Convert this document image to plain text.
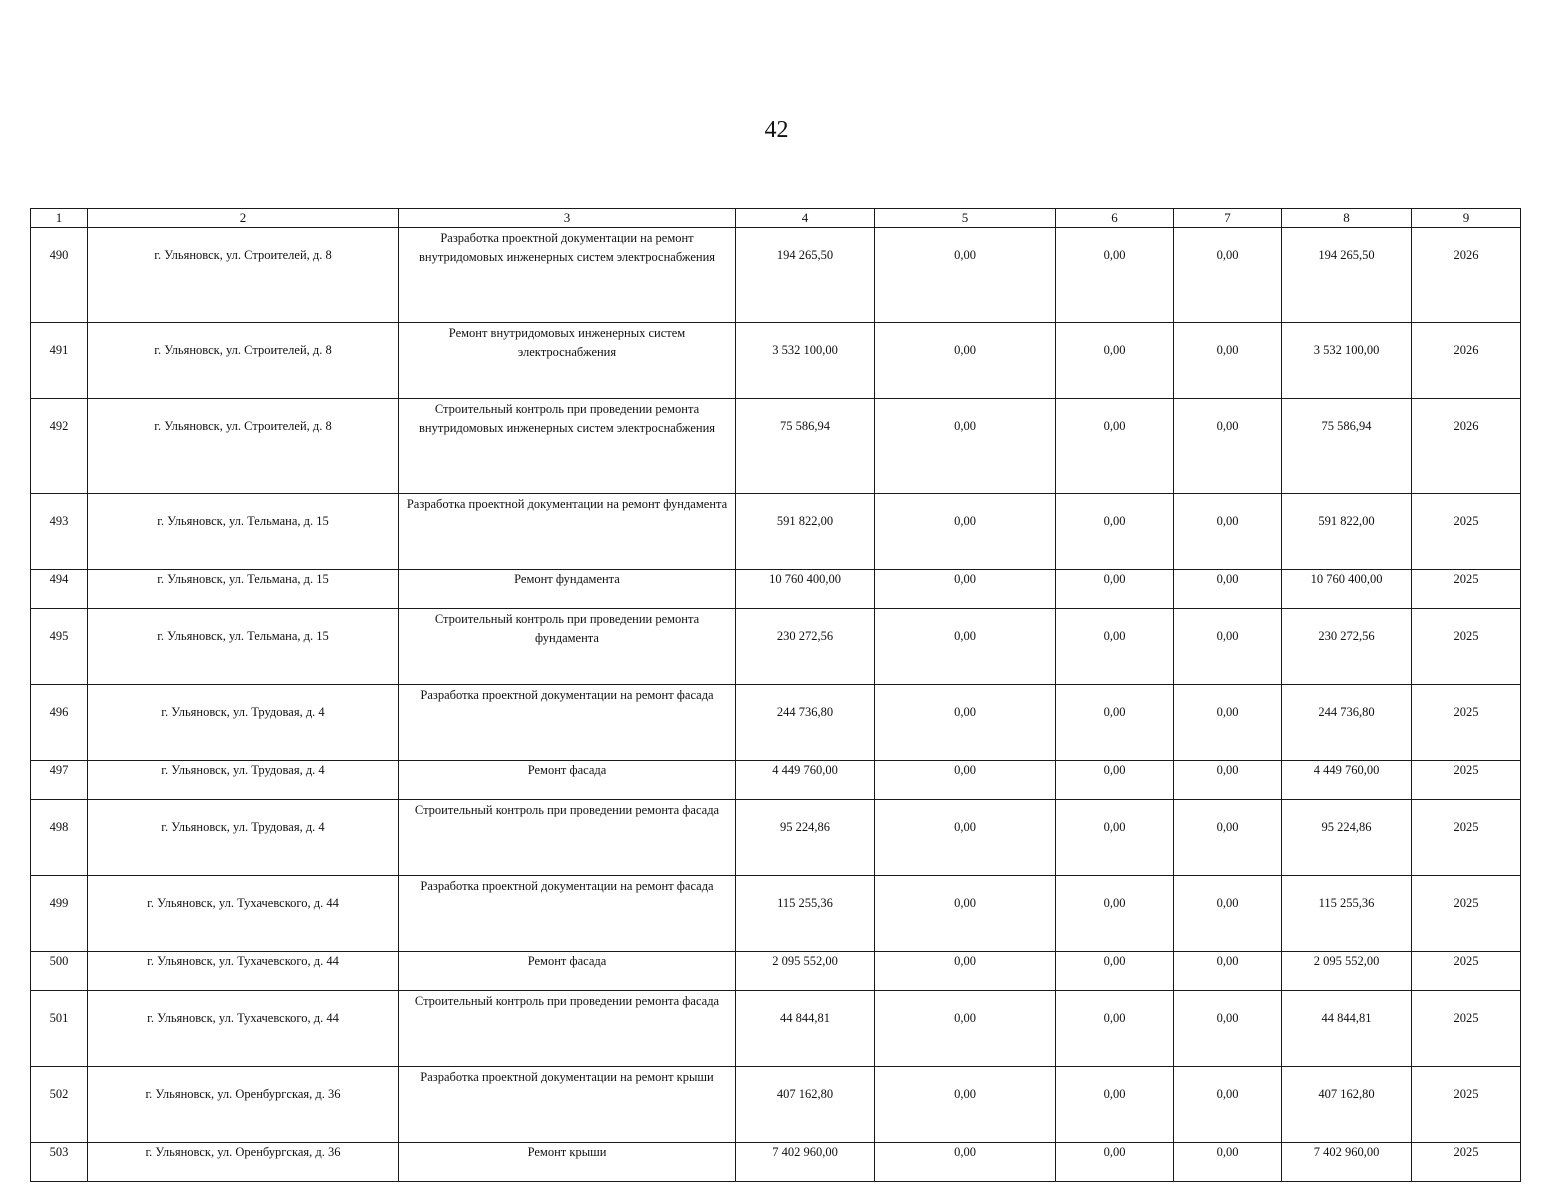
42
1	2	3	4	5	6	7	8	9
490	г. Ульяновск, ул. Строителей, д. 8	Разработка проектной документации на ремонт внутридомовых инженерных систем электроснабжения	194 265,50	0,00	0,00	0,00	194 265,50	2026
491	г. Ульяновск, ул. Строителей, д. 8	Ремонт внутридомовых инженерных систем электроснабжения	3 532 100,00	0,00	0,00	0,00	3 532 100,00	2026
492	г. Ульяновск, ул. Строителей, д. 8	Строительный контроль при проведении ремонта внутридомовых инженерных систем электроснабжения	75 586,94	0,00	0,00	0,00	75 586,94	2026
493	г. Ульяновск, ул. Тельмана, д. 15	Разработка проектной документации на ремонт фундамента	591 822,00	0,00	0,00	0,00	591 822,00	2025
494	г. Ульяновск, ул. Тельмана, д. 15	Ремонт фундамента	10 760 400,00	0,00	0,00	0,00	10 760 400,00	2025
495	г. Ульяновск, ул. Тельмана, д. 15	Строительный контроль при проведении ремонта фундамента	230 272,56	0,00	0,00	0,00	230 272,56	2025
496	г. Ульяновск, ул. Трудовая, д. 4	Разработка проектной документации на ремонт фасада	244 736,80	0,00	0,00	0,00	244 736,80	2025
497	г. Ульяновск, ул. Трудовая, д. 4	Ремонт фасада	4 449 760,00	0,00	0,00	0,00	4 449 760,00	2025
498	г. Ульяновск, ул. Трудовая, д. 4	Строительный контроль при проведении ремонта фасада	95 224,86	0,00	0,00	0,00	95 224,86	2025
499	г. Ульяновск, ул. Тухачевского, д. 44	Разработка проектной документации на ремонт фасада	115 255,36	0,00	0,00	0,00	115 255,36	2025
500	г. Ульяновск, ул. Тухачевского, д. 44	Ремонт фасада	2 095 552,00	0,00	0,00	0,00	2 095 552,00	2025
501	г. Ульяновск, ул. Тухачевского, д. 44	Строительный контроль при проведении ремонта фасада	44 844,81	0,00	0,00	0,00	44 844,81	2025
502	г. Ульяновск, ул. Оренбургская, д. 36	Разработка проектной документации на ремонт крыши	407 162,80	0,00	0,00	0,00	407 162,80	2025
503	г. Ульяновск, ул. Оренбургская, д. 36	Ремонт крыши	7 402 960,00	0,00	0,00	0,00	7 402 960,00	2025
